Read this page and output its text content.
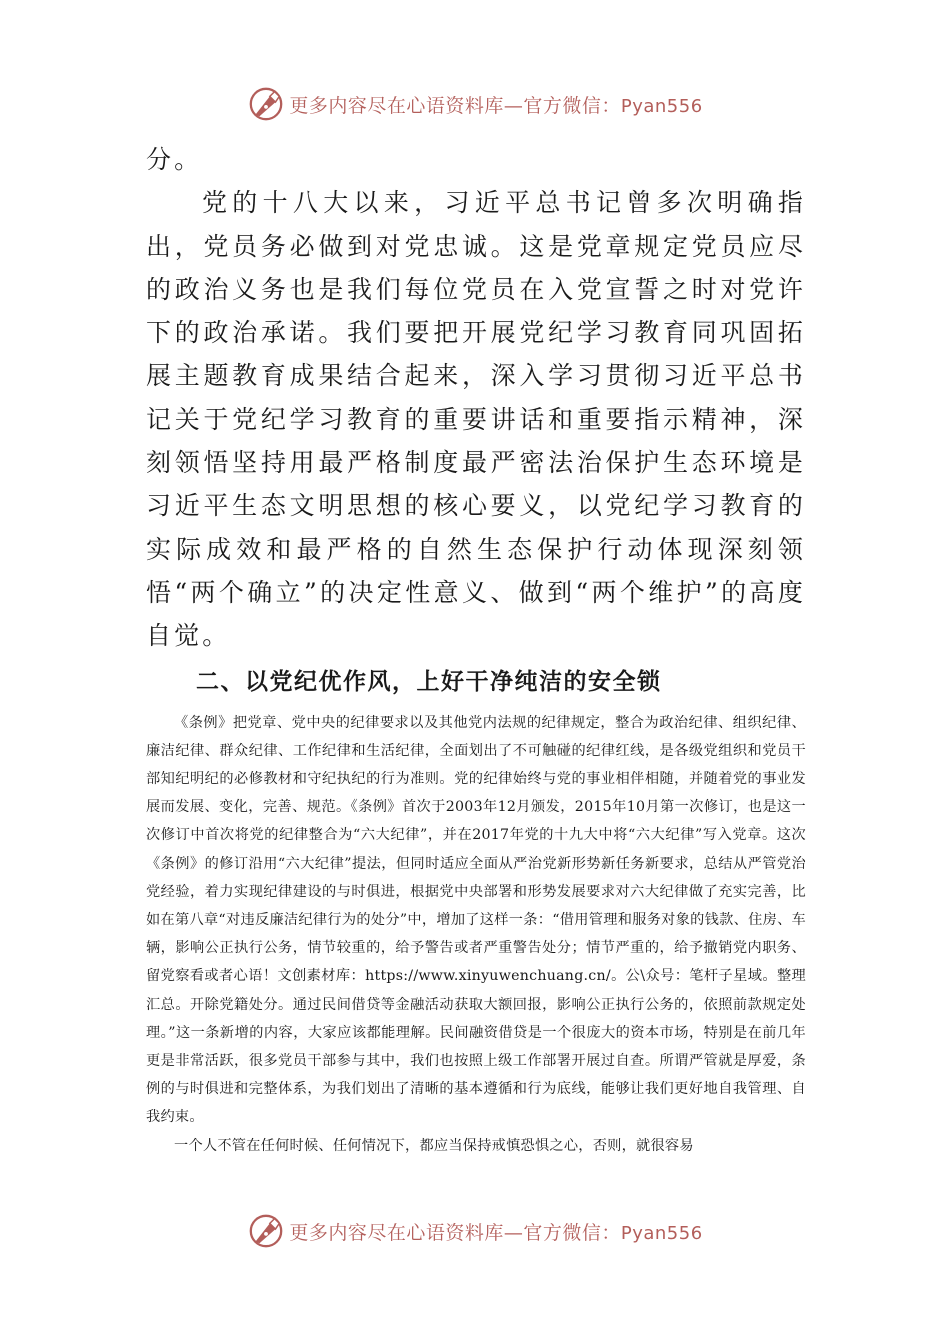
更多内容尽在心语资料库—官方微信：Pyan556

分。

党的十八大以来，习近平总书记曾多次明确指出，党员务必做到对党忠诚。这是党章规定党员应尽的政治义务也是我们每位党员在入党宣誓之时对党许下的政治承诺。我们要把开展党纪学习教育同巩固拓展主题教育成果结合起来，深入学习贯彻习近平总书记关于党纪学习教育的重要讲话和重要指示精神，深刻领悟坚持用最严格制度最严密法治保护生态环境是习近平生态文明思想的核心要义，以党纪学习教育的实际成效和最严格的自然生态保护行动体现深刻领悟“两个确立”的决定性意义、做到“两个维护”的高度自觉。

二、以党纪优作风，上好干净纯洁的安全锁

《条例》把党章、党中央的纪律要求以及其他党内法规的纪律规定，整合为政治纪律、组织纪律、廉洁纪律、群众纪律、工作纪律和生活纪律，全面划出了不可触碰的纪律红线，是各级党组织和党员干部知纪明纪的必修教材和守纪执纪的行为准则。党的纪律始终与党的事业相伴相随，并随着党的事业发展而发展、变化，完善、规范。《条例》首次于2003年12月颁发，2015年10月第一次修订，也是这一次修订中首次将党的纪律整合为“六大纪律”，并在2017年党的十九大中将“六大纪律”写入党章。这次《条例》的修订沿用“六大纪律”提法，但同时适应全面从严治党新形势新任务新要求，总结从严管党治党经验，着力实现纪律建设的与时俱进，根据党中央部署和形势发展要求对六大纪律做了充实完善，比如在第八章“对违反廉洁纪律行为的处分”中，增加了这样一条：“借用管理和服务对象的钱款、住房、车辆，影响公正执行公务，情节较重的，给予警告或者严重警告处分；情节严重的，给予撤销党内职务、留党察看或者心语！文创素材库：https://www.xinyuwenchuang.cn/。公\众号：笔杆子星域。整理汇总。开除党籍处分。通过民间借贷等金融活动获取大额回报，影响公正执行公务的，依照前款规定处理。”这一条新增的内容，大家应该都能理解。民间融资借贷是一个很庞大的资本市场，特别是在前几年更是非常活跃，很多党员干部参与其中，我们也按照上级工作部署开展过自查。所谓严管就是厚爱，条例的与时俱进和完整体系，为我们划出了清晰的基本遵循和行为底线，能够让我们更好地自我管理、自我约束。

一个人不管在任何时候、任何情况下，都应当保持戒慎恐惧之心，否则，就很容易

更多内容尽在心语资料库—官方微信：Pyan556
